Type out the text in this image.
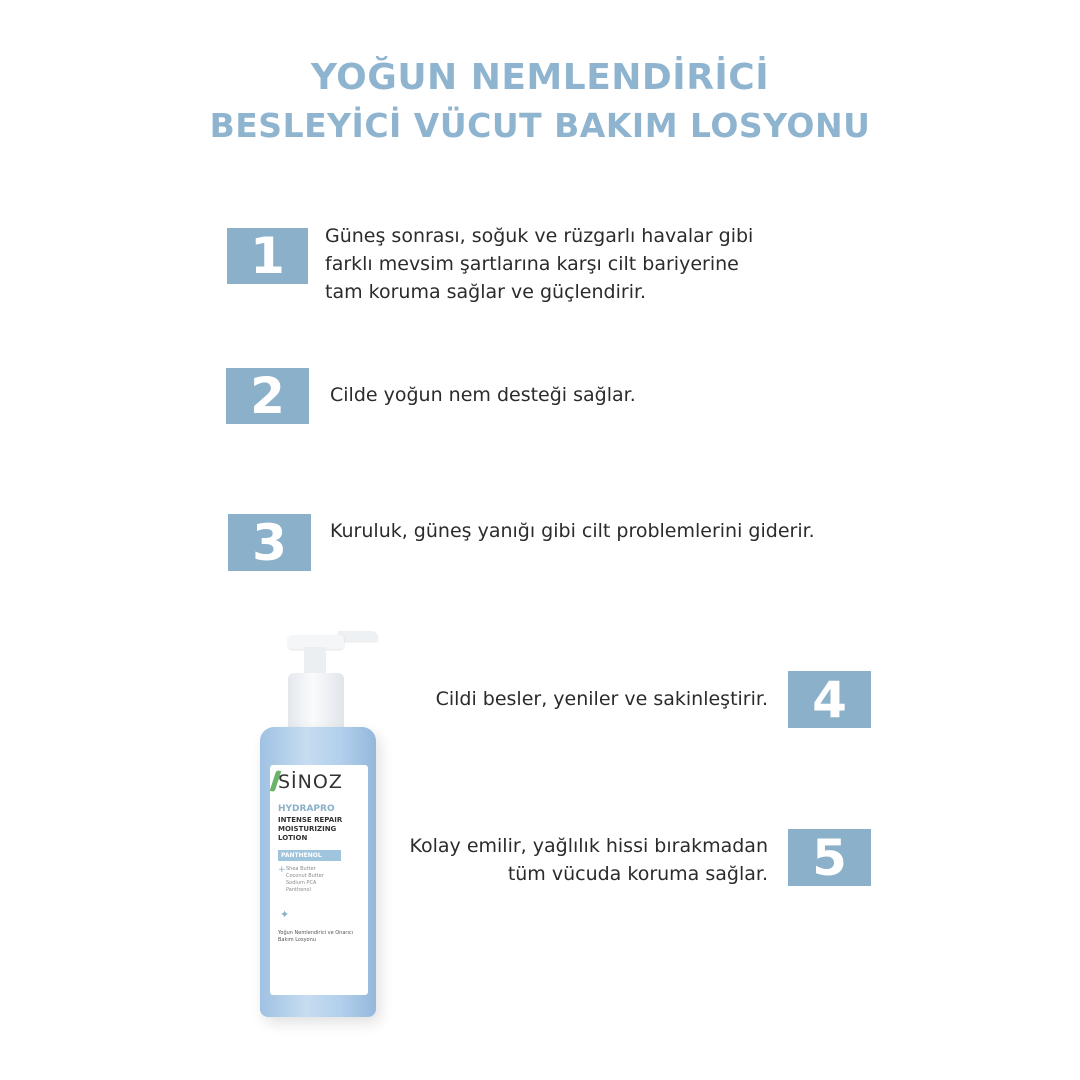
YOĞUN NEMLENDİRİCİ
BESLEYİCİ VÜCUT BAKIM LOSYONU
1	Güneş sonrası, soğuk ve rüzgarlı havalar gibi
farklı mevsim şartlarına karşı cilt bariyerine
tam koruma sağlar ve güçlendirir.
2	Cilde yoğun nem desteği sağlar.
3	Kuruluk, güneş yanığı gibi cilt problemlerini giderir.
Cildi besler, yeniler ve sakinleştirir. 4
Kolay emilir, yağlılık hissi bırakmadan
tüm vücuda koruma sağlar. 5
SİNOZ
HYDRAPRO
INTENSE REPAIR
MOISTURIZING
LOTION
PANTHENOL
+ Shea Butter
Coconut Butter
Sodium PCA
Panthenol
✦
Yoğun Nemlendirici ve Onarıcı
Bakım Losyonu
